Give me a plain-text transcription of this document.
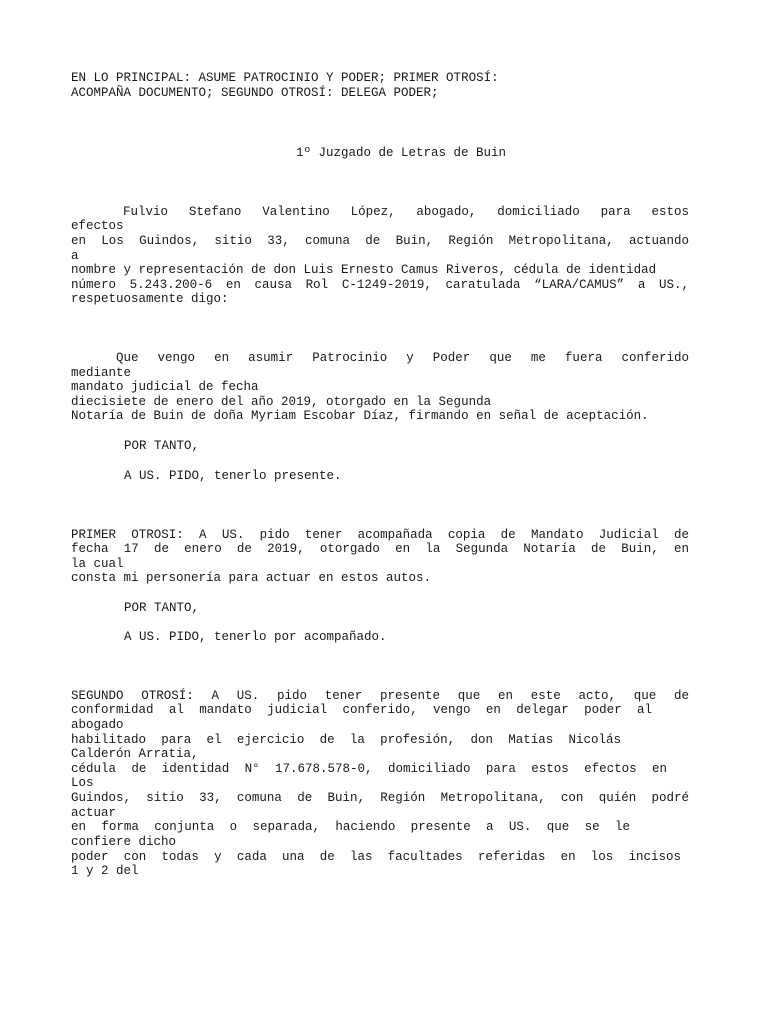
EN LO PRINCIPAL: ASUME PATROCINIO Y PODER; PRIMER OTROSÍ:
ACOMPAÑA DOCUMENTO; SEGUNDO OTROSÍ: DELEGA PODER;
1º Juzgado de Letras de Buin
Fulvio Stefano Valentino López, abogado, domiciliado para estos
efectos
en Los Guindos, sitio 33, comuna de Buin, Región Metropolitana, actuando
a
nombre y representación de don Luis Ernesto Camus Riveros, cédula de identidad
número 5.243.200-6 en causa Rol C-1249-2019, caratulada “LARA/CAMUS” a US.,
respetuosamente digo:
Que vengo en asumir Patrocinio y Poder que me fuera conferido
mediante
mandato judicial de fecha
diecisiete de enero del año 2019, otorgado en la Segunda
Notaría de Buin de doña Myriam Escobar Díaz, firmando en señal de aceptación.
POR TANTO,
A US. PIDO, tenerlo presente.
PRIMER OTROSI: A US. pido tener acompañada copia de Mandato Judicial de
fecha 17 de enero de 2019, otorgado en la Segunda Notaría de Buin, en
la cual
consta mi personería para actuar en estos autos.
POR TANTO,
A US. PIDO, tenerlo por acompañado.
SEGUNDO OTROSÍ: A US. pido tener presente que en este acto, que de
conformidad al mandato judicial conferido, vengo en delegar poder al
abogado
habilitado para el ejercicio de la profesión, don Matías Nicolás
Calderón Arratia,
cédula de identidad N° 17.678.578-0, domiciliado para estos efectos en
Los
Guindos, sitio 33, comuna de Buin, Región Metropolitana, con quién podré
actuar
en forma conjunta o separada, haciendo presente a US. que se le
confiere dicho
poder con todas y cada una de las facultades referidas en los incisos
1 y 2 del
